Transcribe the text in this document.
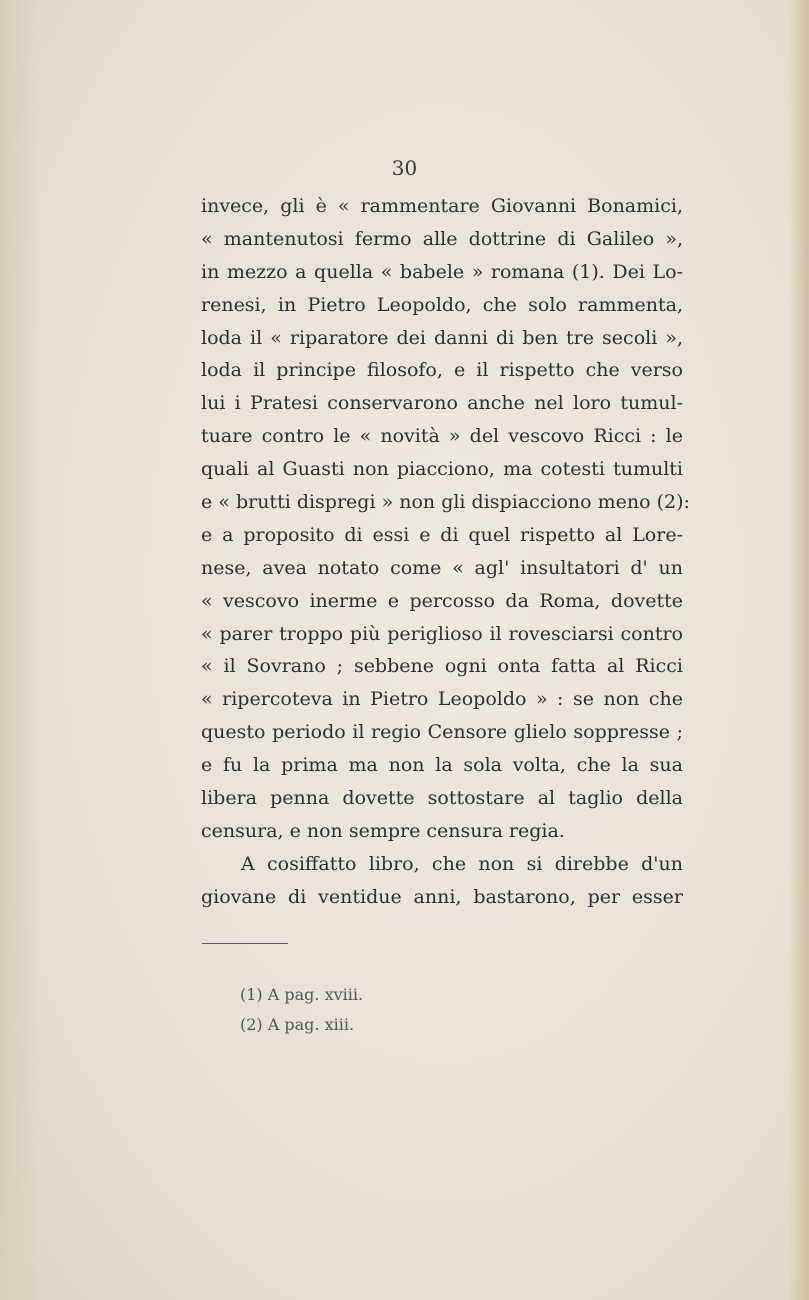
30
invece, gli è « rammentare Giovanni Bonamici,
« mantenutosi fermo alle dottrine di Galileo »,
in mezzo a quella « babele » romana (1). Dei Lo-
renesi, in Pietro Leopoldo, che solo rammenta,
loda il « riparatore dei danni di ben tre secoli »,
loda il principe filosofo, e il rispetto che verso
lui i Pratesi conservarono anche nel loro tumul-
tuare contro le « novità » del vescovo Ricci : le
quali al Guasti non piacciono, ma cotesti tumulti
e « brutti dispregi » non gli dispiacciono meno (2):
e a proposito di essi e di quel rispetto al Lore-
nese, avea notato come « agl' insultatori d' un
« vescovo inerme e percosso da Roma, dovette
« parer troppo più periglioso il rovesciarsi contro
« il Sovrano ; sebbene ogni onta fatta al Ricci
« ripercoteva in Pietro Leopoldo » : se non che
questo periodo il regio Censore glielo soppresse ;
e fu la prima ma non la sola volta, che la sua
libera penna dovette sottostare al taglio della
censura, e non sempre censura regia.
A cosiffatto libro, che non si direbbe d'un
giovane di ventidue anni, bastarono, per esser
(1) A pag. xviii.
(2) A pag. xiii.
